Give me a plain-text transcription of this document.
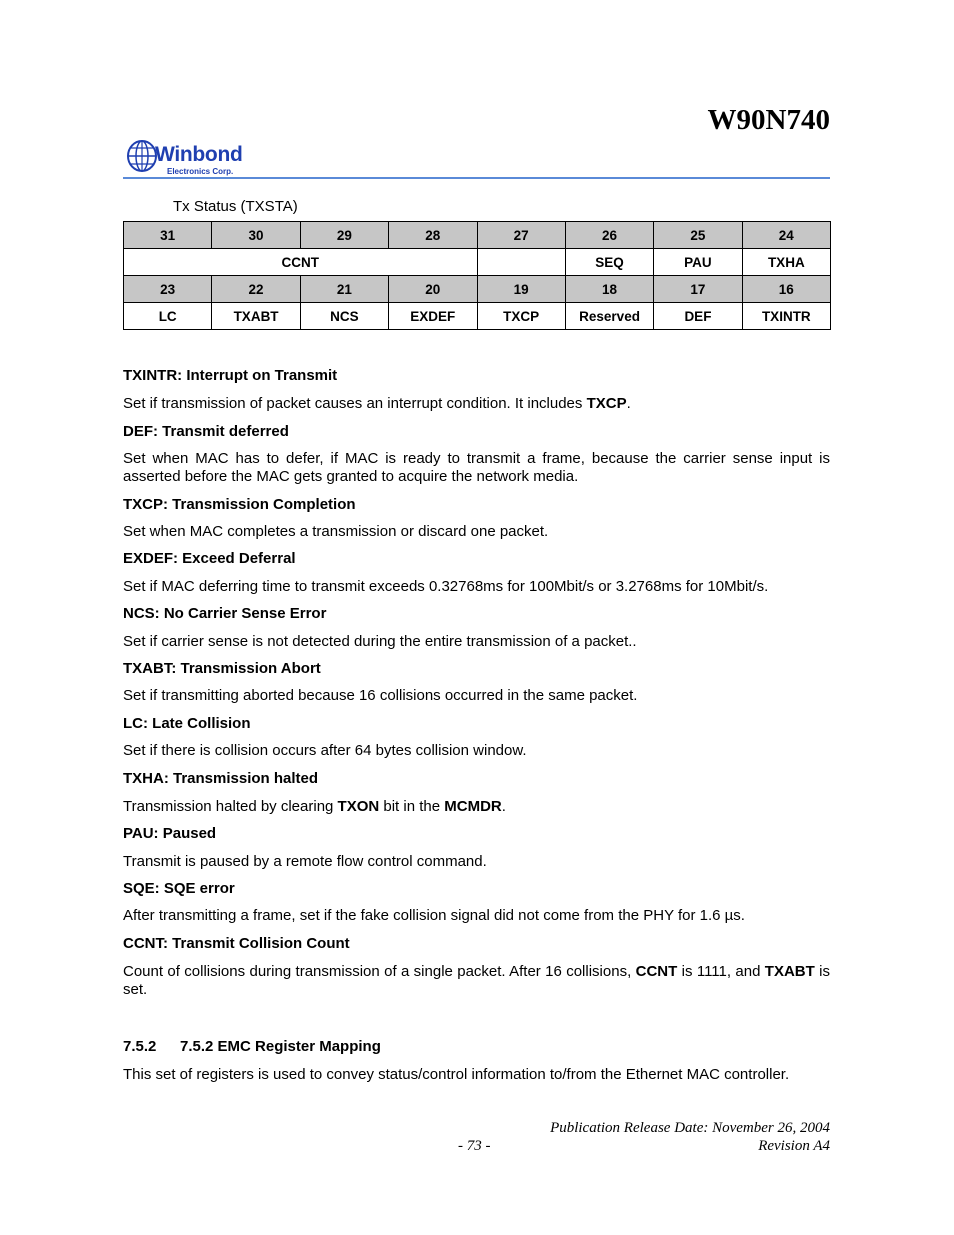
W90N740
Winbond
Electronics Corp.
Tx Status (TXSTA)
31	30	29	28	27	26	25	24
CCNT					SEQ	PAU	TXHA
23	22	21	20	19	18	17	16
LC	TXABT	NCS	EXDEF	TXCP	Reserved	DEF	TXINTR
TXINTR: Interrupt on Transmit
Set if transmission of packet causes an interrupt condition. It includes TXCP.
DEF: Transmit deferred
Set when MAC has to defer, if MAC is ready to transmit a frame, because the carrier sense input is asserted before the MAC gets granted to acquire the network media.
TXCP: Transmission Completion
Set when MAC completes a transmission or discard one packet.
EXDEF: Exceed Deferral
Set if MAC deferring time to transmit exceeds 0.32768ms for 100Mbit/s or 3.2768ms for 10Mbit/s.
NCS: No Carrier Sense Error
Set if carrier sense is not detected during the entire transmission of a packet..
TXABT: Transmission Abort
Set if transmitting aborted because 16 collisions occurred in the same packet.
LC: Late Collision
Set if there is collision occurs after 64 bytes collision window.
TXHA: Transmission halted
Transmission halted by clearing TXON bit in the MCMDR.
PAU: Paused
Transmit is paused by a remote flow control command.
SQE: SQE error
After transmitting a frame, set if the fake collision signal did not come from the PHY for 1.6 µs.
CCNT: Transmit Collision Count
Count of collisions during transmission of a single packet. After 16 collisions, CCNT is 1111, and TXABT is set.
7.5.2 7.5.2 EMC Register Mapping
This set of registers is used to convey status/control information to/from the Ethernet MAC controller.
Publication Release Date: November 26, 2004
- 73 -	Revision A4
